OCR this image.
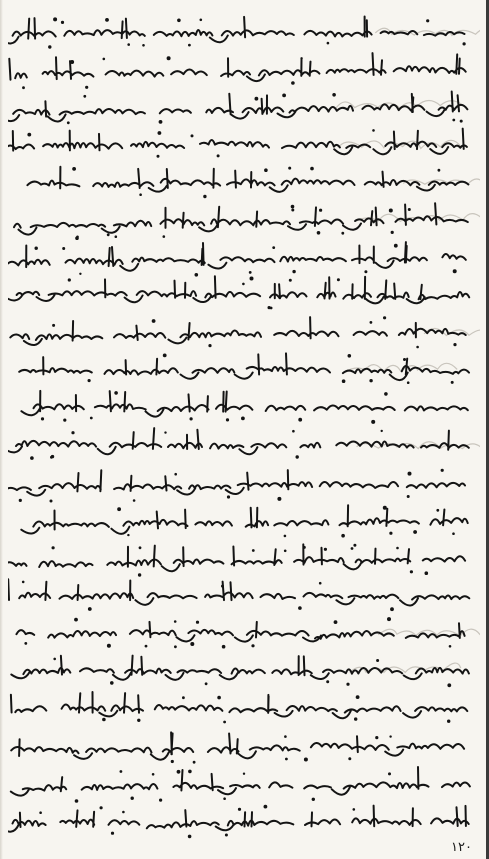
١٢٠
